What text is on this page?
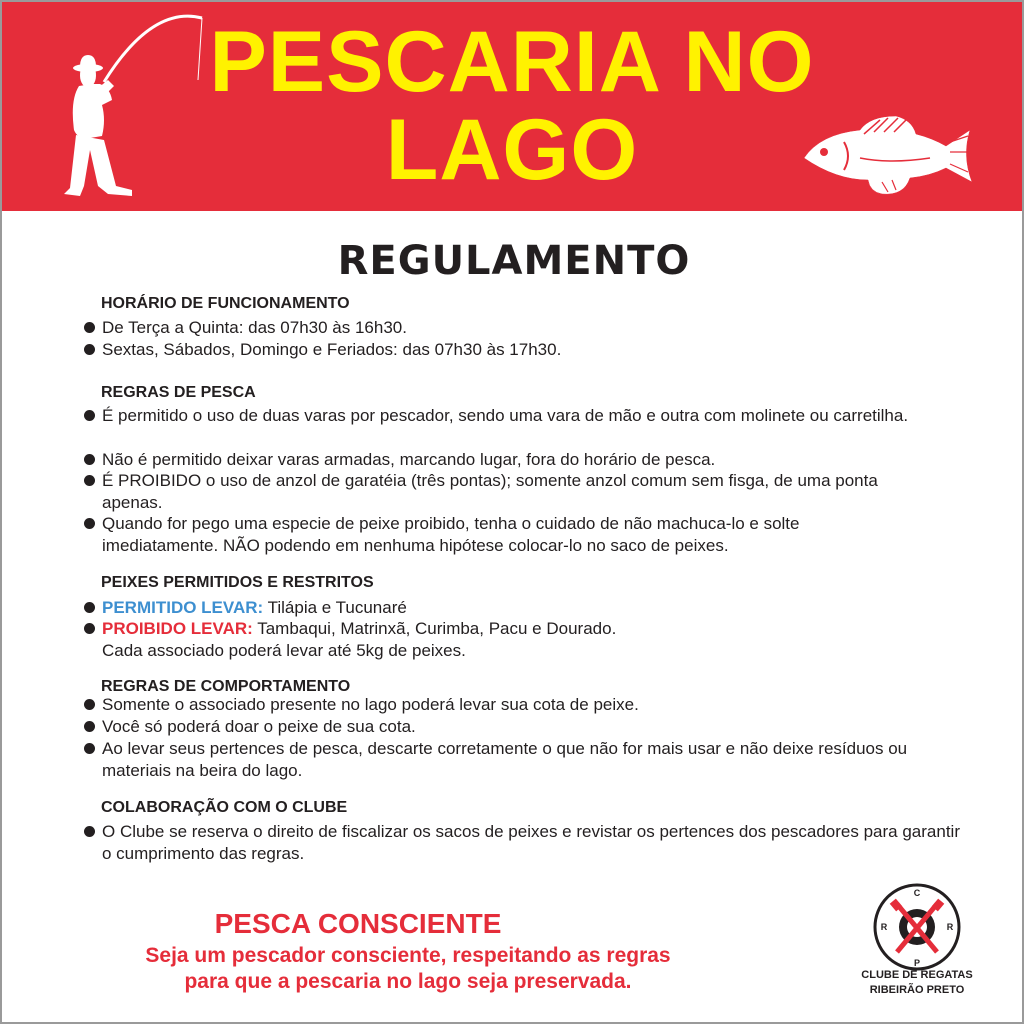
PESCARIA NO LAGO
REGULAMENTO
HORÁRIO DE FUNCIONAMENTO
De Terça a Quinta: das 07h30 às 16h30.
Sextas, Sábados, Domingo e Feriados: das 07h30 às 17h30.
REGRAS DE PESCA
É permitido o uso de duas varas por pescador, sendo uma vara de mão e outra com molinete ou carretilha.
Não é permitido deixar varas armadas, marcando lugar, fora do horário de pesca.
É PROIBIDO o uso de anzol de garatéia (três pontas); somente anzol comum sem fisga, de uma ponta apenas.
Quando for pego uma especie de peixe proibido, tenha o cuidado de não machuca-lo e solte imediatamente. NÃO podendo em nenhuma hipótese colocar-lo no saco de peixes.
PEIXES PERMITIDOS E RESTRITOS
PERMITIDO LEVAR: Tilápia e Tucunaré
PROIBIDO LEVAR: Tambaqui, Matrinxã, Curimba, Pacu e Dourado.
Cada associado poderá levar até 5kg de peixes.
REGRAS DE COMPORTAMENTO
Somente o associado presente no lago poderá levar sua cota de peixe.
Você só poderá doar o peixe de sua cota.
Ao levar seus pertences de pesca, descarte corretamente o que não for mais usar e não deixe resíduos ou materiais na beira do lago.
COLABORAÇÃO COM O CLUBE
O Clube se reserva o direito de fiscalizar os sacos de peixes e revistar os pertences dos pescadores para garantir o cumprimento das regras.
PESCA CONSCIENTE
Seja um pescador consciente, respeitando as regras
para que a pescaria no lago seja preservada.
C
R	R
P
CLUBE DE REGATAS
RIBEIRÃO PRETO
